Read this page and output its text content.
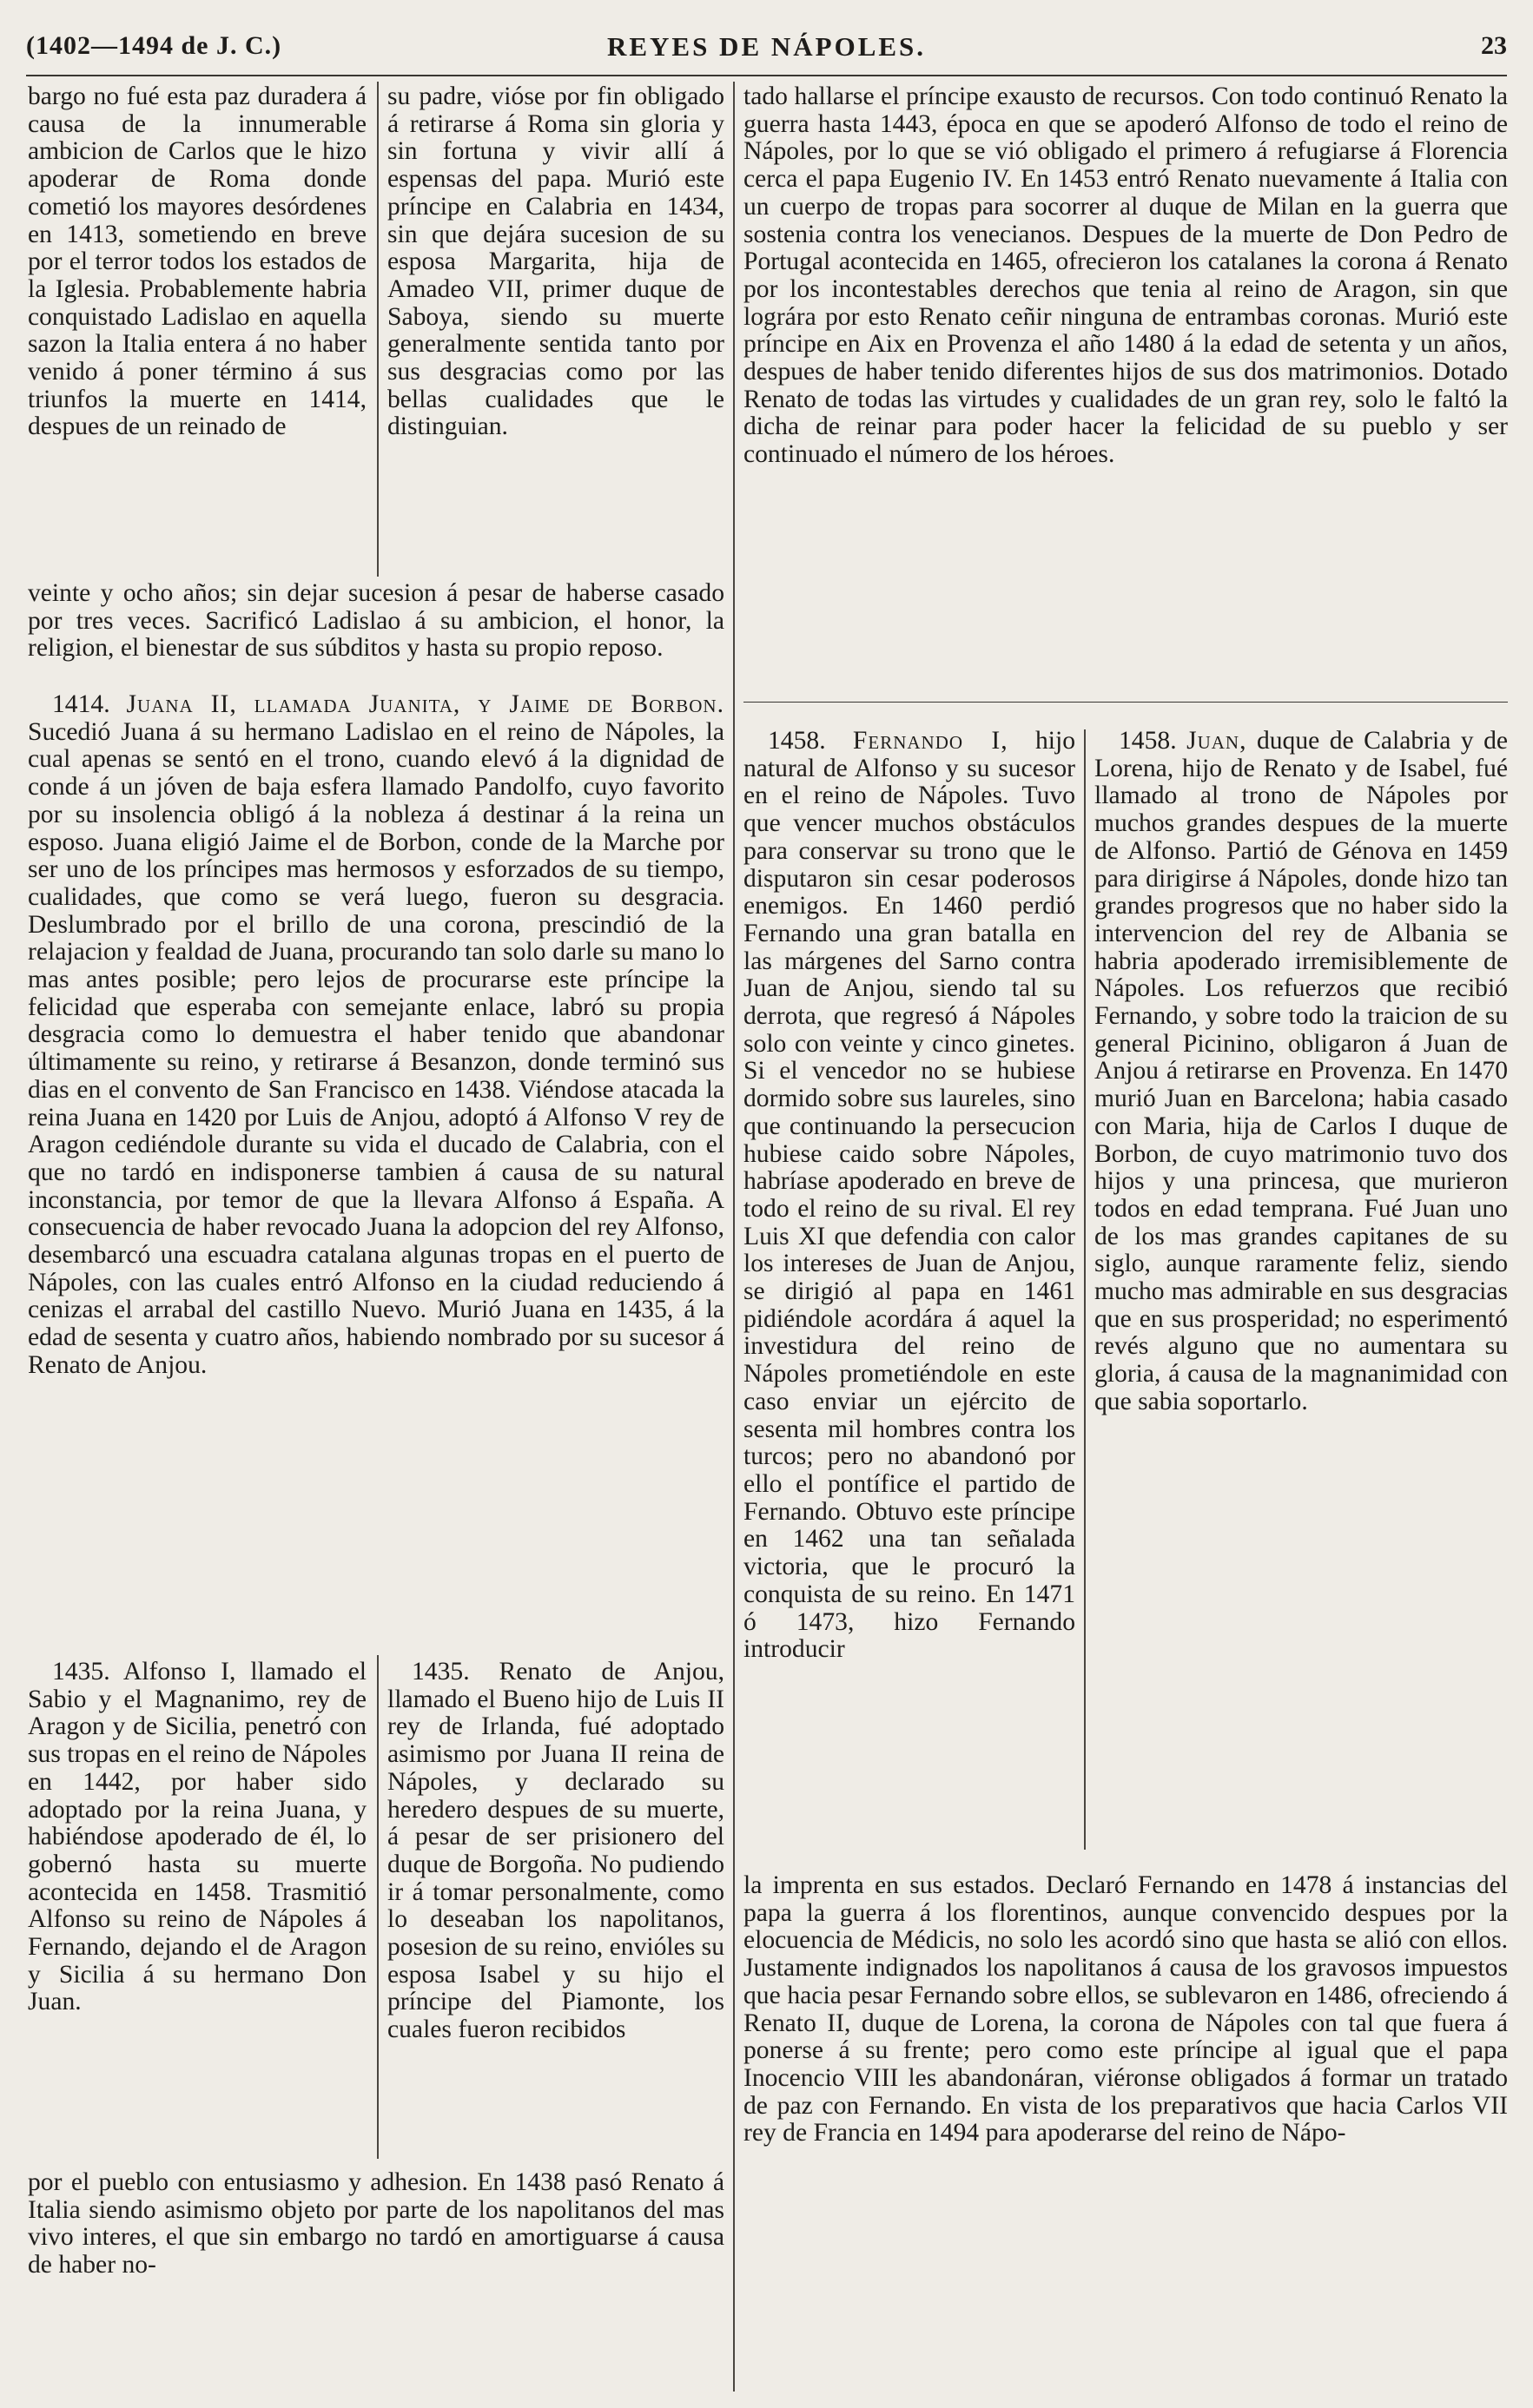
(1402—1494 de J. C.)	REYES DE NÁPOLES.	23

bargo no fué esta paz duradera á causa de la innumerable ambicion de Carlos que le hizo apoderar de Roma donde cometió los mayores desórdenes en 1413, sometiendo en breve por el terror todos los estados de la Iglesia. Probablemente habria conquistado Ladislao en aquella sazon la Italia entera á no haber venido á poner término á sus triunfos la muerte en 1414, despues de un reinado de

su padre, vióse por fin obligado á retirarse á Roma sin gloria y sin fortuna y vivir allí á espensas del papa. Murió este príncipe en Calabria en 1434, sin que dejára sucesion de su esposa Margarita, hija de Amadeo VII, primer duque de Saboya, siendo su muerte generalmente sentida tanto por sus desgracias como por las bellas cualidades que le distinguian.

veinte y ocho años; sin dejar sucesion á pesar de haberse casado por tres veces. Sacrificó Ladislao á su ambicion, el honor, la religion, el bienestar de sus súbditos y hasta su propio reposo.

1414. Juana II, llamada Juanita, y Jaime de Borbon. Sucedió Juana á su hermano Ladislao en el reino de Nápoles, la cual apenas se sentó en el trono, cuando elevó á la dignidad de conde á un jóven de baja esfera llamado Pandolfo, cuyo favorito por su insolencia obligó á la nobleza á destinar á la reina un esposo. Juana eligió Jaime el de Borbon, conde de la Marche por ser uno de los príncipes mas hermosos y esforzados de su tiempo, cualidades, que como se verá luego, fueron su desgracia. Deslumbrado por el brillo de una corona, prescindió de la relajacion y fealdad de Juana, procurando tan solo darle su mano lo mas antes posible; pero lejos de procurarse este príncipe la felicidad que esperaba con semejante enlace, labró su propia desgracia como lo demuestra el haber tenido que abandonar últimamente su reino, y retirarse á Besanzon, donde terminó sus dias en el convento de San Francisco en 1438. Viéndose atacada la reina Juana en 1420 por Luis de Anjou, adoptó á Alfonso V rey de Aragon cediéndole durante su vida el ducado de Calabria, con el que no tardó en indisponerse tambien á causa de su natural inconstancia, por temor de que la llevara Alfonso á España. A consecuencia de haber revocado Juana la adopcion del rey Alfonso, desembarcó una escuadra catalana algunas tropas en el puerto de Nápoles, con las cuales entró Alfonso en la ciudad reduciendo á cenizas el arrabal del castillo Nuevo. Murió Juana en 1435, á la edad de sesenta y cuatro años, habiendo nombrado por su sucesor á Renato de Anjou.

1435. Alfonso I, llamado el Sabio y el Magnanimo, rey de Aragon y de Sicilia, penetró con sus tropas en el reino de Nápoles en 1442, por haber sido adoptado por la reina Juana, y habiéndose apoderado de él, lo gobernó hasta su muerte acontecida en 1458. Trasmitió Alfonso su reino de Nápoles á Fernando, dejando el de Aragon y Sicilia á su hermano Don Juan.

1435. Renato de Anjou, llamado el Bueno hijo de Luis II rey de Irlanda, fué adoptado asimismo por Juana II reina de Nápoles, y declarado su heredero despues de su muerte, á pesar de ser prisionero del duque de Borgoña. No pudiendo ir á tomar personalmente, como lo deseaban los napolitanos, posesion de su reino, envióles su esposa Isabel y su hijo el príncipe del Piamonte, los cuales fueron recibidos

por el pueblo con entusiasmo y adhesion. En 1438 pasó Renato á Italia siendo asimismo objeto por parte de los napolitanos del mas vivo interes, el que sin embargo no tardó en amortiguarse á causa de haber no-

tado hallarse el príncipe exausto de recursos. Con todo continuó Renato la guerra hasta 1443, época en que se apoderó Alfonso de todo el reino de Nápoles, por lo que se vió obligado el primero á refugiarse á Florencia cerca el papa Eugenio IV. En 1453 entró Renato nuevamente á Italia con un cuerpo de tropas para socorrer al duque de Milan en la guerra que sostenia contra los venecianos. Despues de la muerte de Don Pedro de Portugal acontecida en 1465, ofrecieron los catalanes la corona á Renato por los incontestables derechos que tenia al reino de Aragon, sin que lográra por esto Renato ceñir ninguna de entrambas coronas. Murió este príncipe en Aix en Provenza el año 1480 á la edad de setenta y un años, despues de haber tenido diferentes hijos de sus dos matrimonios. Dotado Renato de todas las virtudes y cualidades de un gran rey, solo le faltó la dicha de reinar para poder hacer la felicidad de su pueblo y ser continuado el número de los héroes.

1458. Fernando I, hijo natural de Alfonso y su sucesor en el reino de Nápoles. Tuvo que vencer muchos obstáculos para conservar su trono que le disputaron sin cesar poderosos enemigos. En 1460 perdió Fernando una gran batalla en las márgenes del Sarno contra Juan de Anjou, siendo tal su derrota, que regresó á Nápoles solo con veinte y cinco ginetes. Si el vencedor no se hubiese dormido sobre sus laureles, sino que continuando la persecucion hubiese caido sobre Nápoles, habríase apoderado en breve de todo el reino de su rival. El rey Luis XI que defendia con calor los intereses de Juan de Anjou, se dirigió al papa en 1461 pidiéndole acordára á aquel la investidura del reino de Nápoles prometiéndole en este caso enviar un ejército de sesenta mil hombres contra los turcos; pero no abandonó por ello el pontífice el partido de Fernando. Obtuvo este príncipe en 1462 una tan señalada victoria, que le procuró la conquista de su reino. En 1471 ó 1473, hizo Fernando introducir

1458. Juan, duque de Calabria y de Lorena, hijo de Renato y de Isabel, fué llamado al trono de Nápoles por muchos grandes despues de la muerte de Alfonso. Partió de Génova en 1459 para dirigirse á Nápoles, donde hizo tan grandes progresos que no haber sido la intervencion del rey de Albania se habria apoderado irremisiblemente de Nápoles. Los refuerzos que recibió Fernando, y sobre todo la traicion de su general Picinino, obligaron á Juan de Anjou á retirarse en Provenza. En 1470 murió Juan en Barcelona; habia casado con Maria, hija de Carlos I duque de Borbon, de cuyo matrimonio tuvo dos hijos y una princesa, que murieron todos en edad temprana. Fué Juan uno de los mas grandes capitanes de su siglo, aunque raramente feliz, siendo mucho mas admirable en sus desgracias que en sus prosperidad; no esperimentó revés alguno que no aumentara su gloria, á causa de la magnanimidad con que sabia soportarlo.

la imprenta en sus estados. Declaró Fernando en 1478 á instancias del papa la guerra á los florentinos, aunque convencido despues por la elocuencia de Médicis, no solo les acordó sino que hasta se alió con ellos. Justamente indignados los napolitanos á causa de los gravosos impuestos que hacia pesar Fernando sobre ellos, se sublevaron en 1486, ofreciendo á Renato II, duque de Lorena, la corona de Nápoles con tal que fuera á ponerse á su frente; pero como este príncipe al igual que el papa Inocencio VIII les abandonáran, viéronse obligados á formar un tratado de paz con Fernando. En vista de los preparativos que hacia Carlos VII rey de Francia en 1494 para apoderarse del reino de Nápo-
